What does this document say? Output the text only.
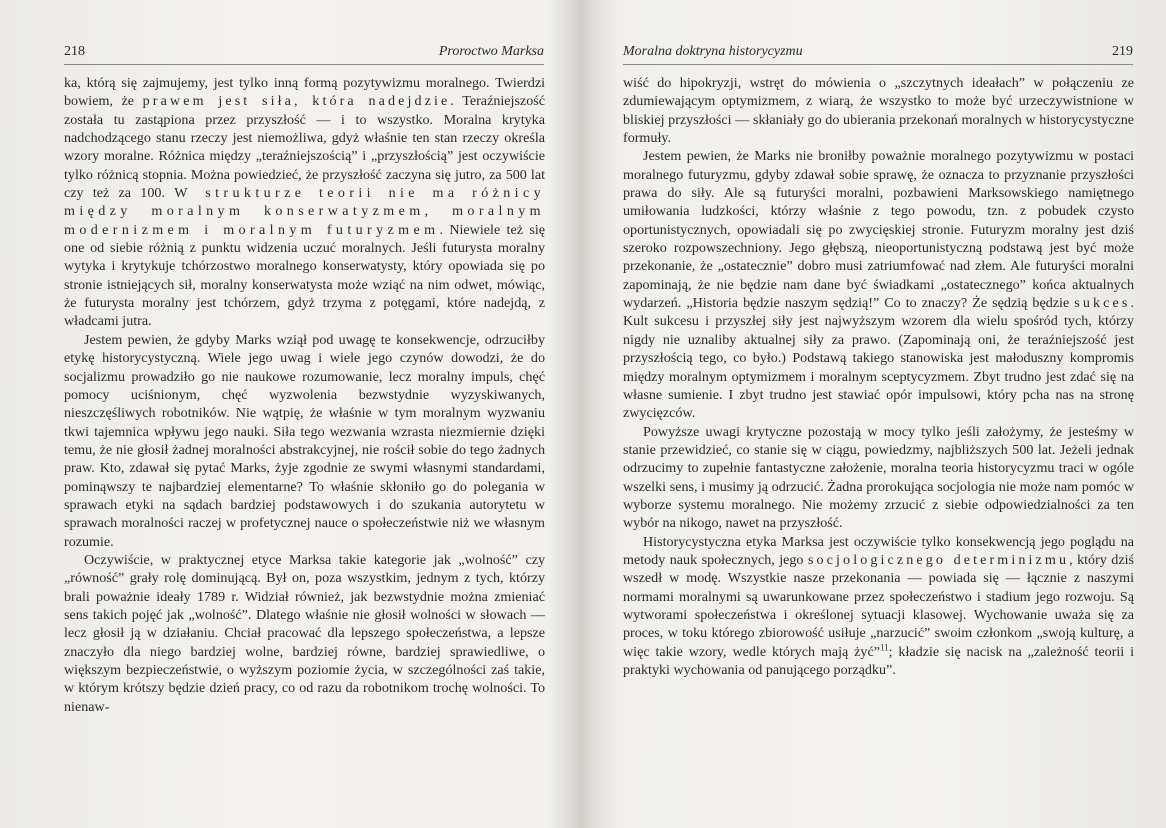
218	Proroctwo Marksa

ka, którą się zajmujemy, jest tylko inną formą pozytywizmu moralnego. Twierdzi bowiem, że prawem jest siła, która nadejdzie. Teraźniejszość została tu zastąpiona przez przyszłość — i to wszystko. Moralna krytyka nadchodzącego stanu rzeczy jest niemożliwa, gdyż właśnie ten stan rzeczy określa wzory moralne. Różnica między „teraźniejszością” i „przyszłością” jest oczywiście tylko różnicą stopnia. Można powiedzieć, że przyszłość zaczyna się jutro, za 500 lat czy też za 100. W strukturze teorii nie ma różnicy między moralnym konserwatyzmem, moralnym modernizmem i moralnym futuryzmem. Niewiele też się one od siebie różnią z punktu widzenia uczuć moralnych. Jeśli futurysta moralny wytyka i krytykuje tchórzostwo moralnego konserwatysty, który opowiada się po stronie istniejących sił, moralny konserwatysta może wziąć na nim odwet, mówiąc, że futurysta moralny jest tchórzem, gdyż trzyma z potęgami, które nadejdą, z władcami jutra.

Jestem pewien, że gdyby Marks wziął pod uwagę te konsekwencje, odrzuciłby etykę historycystyczną. Wiele jego uwag i wiele jego czynów dowodzi, że do socjalizmu prowadziło go nie naukowe rozumowanie, lecz moralny impuls, chęć pomocy uciśnionym, chęć wyzwolenia bezwstydnie wyzyskiwanych, nieszczęśliwych robotników. Nie wątpię, że właśnie w tym moralnym wyzwaniu tkwi tajemnica wpływu jego nauki. Siła tego wezwania wzrasta niezmiernie dzięki temu, że nie głosił żadnej moralności abstrakcyjnej, nie rościł sobie do tego żadnych praw. Kto, zdawał się pytać Marks, żyje zgodnie ze swymi własnymi standardami, pominąwszy te najbardziej elementarne? To właśnie skłoniło go do polegania w sprawach etyki na sądach bardziej podstawowych i do szukania autorytetu w sprawach moralności raczej w profetycznej nauce o społeczeństwie niż we własnym rozumie.

Oczywiście, w praktycznej etyce Marksa takie kategorie jak „wolność” czy „równość” grały rolę dominującą. Był on, poza wszystkim, jednym z tych, którzy brali poważnie ideały 1789 r. Widział również, jak bezwstydnie można zmieniać sens takich pojęć jak „wolność”. Dlatego właśnie nie głosił wolności w słowach — lecz głosił ją w działaniu. Chciał pracować dla lepszego społeczeństwa, a lepsze znaczyło dla niego bardziej wolne, bardziej równe, bardziej sprawiedliwe, o większym bezpieczeństwie, o wyższym poziomie życia, w szczególności zaś takie, w którym krótszy będzie dzień pracy, co od razu da robotnikom trochę wolności. To nienaw-

Moralna doktryna historycyzmu	219

wiść do hipokryzji, wstręt do mówienia o „szczytnych ideałach” w połączeniu ze zdumiewającym optymizmem, z wiarą, że wszystko to może być urzeczywistnione w bliskiej przyszłości — skłaniały go do ubierania przekonań moralnych w historycystyczne formuły.

Jestem pewien, że Marks nie broniłby poważnie moralnego pozytywizmu w postaci moralnego futuryzmu, gdyby zdawał sobie sprawę, że oznacza to przyznanie przyszłości prawa do siły. Ale są futuryści moralni, pozbawieni Marksowskiego namiętnego umiłowania ludzkości, którzy właśnie z tego powodu, tzn. z pobudek czysto oportunistycznych, opowiadali się po zwycięskiej stronie. Futuryzm moralny jest dziś szeroko rozpowszechniony. Jego głębszą, nieoportunistyczną podstawą jest być może przekonanie, że „ostatecznie” dobro musi zatriumfować nad złem. Ale futuryści moralni zapominają, że nie będzie nam dane być świadkami „ostatecznego” końca aktualnych wydarzeń. „Historia będzie naszym sędzią!” Co to znaczy? Że sędzią będzie sukces. Kult sukcesu i przyszłej siły jest najwyższym wzorem dla wielu spośród tych, którzy nigdy nie uznaliby aktualnej siły za prawo. (Zapominają oni, że teraźniejszość jest przyszłością tego, co było.) Podstawą takiego stanowiska jest małoduszny kompromis między moralnym optymizmem i moralnym sceptycyzmem. Zbyt trudno jest zdać się na własne sumienie. I zbyt trudno jest stawiać opór impulsowi, który pcha nas na stronę zwycięzców.

Powyższe uwagi krytyczne pozostają w mocy tylko jeśli założymy, że jesteśmy w stanie przewidzieć, co stanie się w ciągu, powiedzmy, najbliższych 500 lat. Jeżeli jednak odrzucimy to zupełnie fantastyczne założenie, moralna teoria historycyzmu traci w ogóle wszelki sens, i musimy ją odrzucić. Żadna prorokująca socjologia nie może nam pomóc w wyborze systemu moralnego. Nie możemy zrzucić z siebie odpowiedzialności za ten wybór na nikogo, nawet na przyszłość.

Historycystyczna etyka Marksa jest oczywiście tylko konsekwencją jego poglądu na metody nauk społecznych, jego socjologicznego determinizmu, który dziś wszedł w modę. Wszystkie nasze przekonania — powiada się — łącznie z naszymi normami moralnymi są uwarunkowane przez społeczeństwo i stadium jego rozwoju. Są wytworami społeczeństwa i określonej sytuacji klasowej. Wychowanie uważa się za proces, w toku którego zbiorowość usiłuje „narzucić” swoim członkom „swoją kulturę, a więc takie wzory, wedle których mają żyć”$^{11}$; kładzie się nacisk na „zależność teorii i praktyki wychowania od panującego porządku”.
